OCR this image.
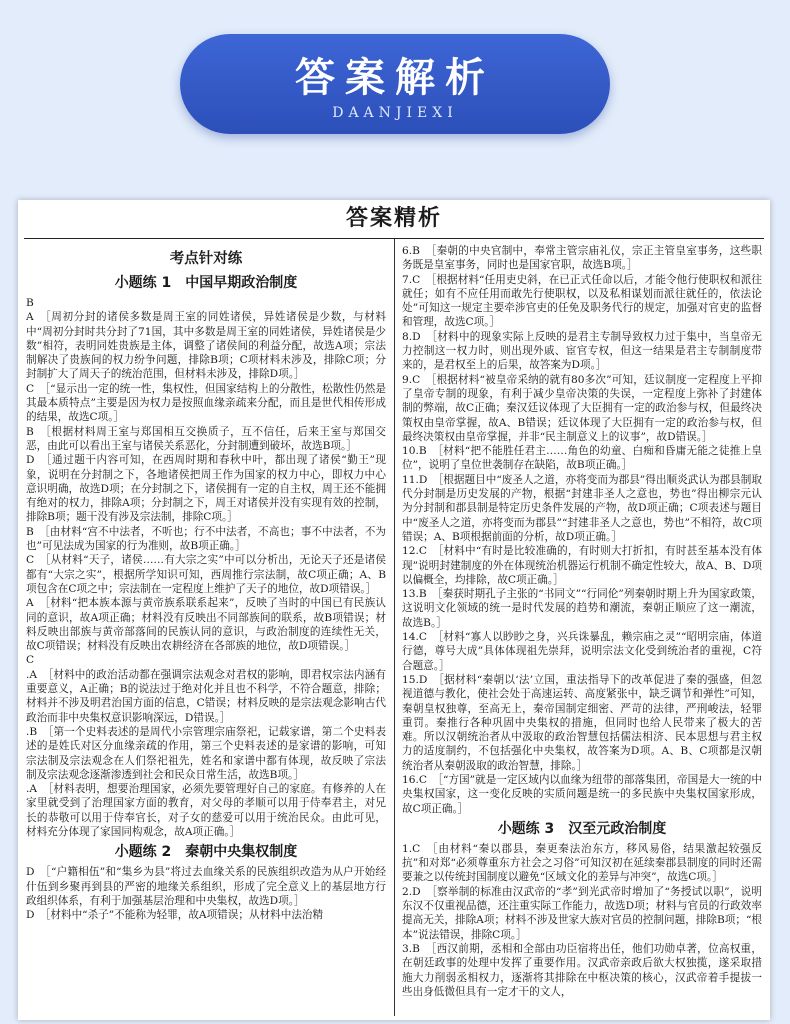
答案解析
DAANJIEXI
答案精析
考点针对练
小题练 1　中国早期政治制度

B

A　［周初分封的诸侯多数是周王室的同姓诸侯，异姓诸侯是少数，与材料中“周初分封时共分封了71国，其中多数是周王室的同姓诸侯，异姓诸侯是少数”相符，表明同姓贵族是主体，调整了诸侯间的利益分配，故选A项；宗法制解决了贵族间的权力纷争问题，排除B项；C项材料未涉及，排除C项；分封制扩大了周天子的统治范围，但材料未涉及，排除D项。］

C　［“显示出一定的统一性，集权性，但国家结构上的分散性，松散性仍然是其最本质特点”主要是因为权力是按照血缘亲疏来分配，而且是世代相传形成的结果，故选C项。］

B　［根据材料周王室与郑国相互交换质子，互不信任，后来王室与郑国交恶，由此可以看出王室与诸侯关系恶化，分封制遭到破坏，故选B项。］

D　［通过题干内容可知，在西周时期和春秋中叶，都出现了诸侯“勤王”现象，说明在分封制之下，各地诸侯把周王作为国家的权力中心，即权力中心意识明确，故选D项；在分封制之下，诸侯拥有一定的自主权，周王还不能拥有绝对的权力，排除A项；分封制之下，周王对诸侯并没有实现有效的控制，排除B项；题干没有涉及宗法制，排除C项。］

B　［由材料“宫不中法者，不听也；行不中法者，不高也；事不中法者，不为也”可见法成为国家的行为准则，故B项正确。］

C　［从材料“天子，诸侯……有大宗之实”中可以分析出，无论天子还是诸侯都有“大宗之实”，根据所学知识可知，西周推行宗法制，故C项正确；A、B项包含在C项之中；宗法制在一定程度上维护了天子的地位，故D项错误。］

A　［材料“把本族本源与黄帝族系联系起来”，反映了当时的中国已有民族认同的意识，故A项正确；材料没有反映出不同部族间的联系，故B项错误；材料反映出部族与黄帝部落间的民族认同的意识，与政治制度的连续性无关，故C项错误；材料没有反映出农耕经济在各部族的地位，故D项错误。］

C

.A　［材料中的政治活动都在强调宗法观念对君权的影响，即君权宗法内涵有重要意义，A正确；B的说法过于绝对化并且也不科学，不符合题意，排除；材料并不涉及明君治国方面的信息，C错误；材料反映的是宗法观念影响古代政治而非中央集权意识影响深远，D错误。］

.B　［第一个史料表述的是周代小宗管理宗庙祭祀，记载家谱，第二个史料表述的是姓氏对区分血缘亲疏的作用，第三个史料表述的是家谱的影响，可知宗法制及宗法观念在人们祭祀祖先，姓名和家谱中都有体现，故反映了宗法制及宗法观念逐渐渗透到社会和民众日常生活，故选B项。］

.A　［材料表明，想要治理国家，必须先要管理好自己的家庭。有修养的人在家里就受到了治理国家方面的教育，对父母的孝顺可以用于侍奉君主，对兄长的恭敬可以用于侍奉官长，对子女的慈爱可以用于统治民众。由此可见，材料充分体现了家国同构观念，故A项正确。］

小题练 2　秦朝中央集权制度

D　［“户籍相伍”和“集乡为县”将过去血缘关系的民族组织改造为从户开始经什伍到乡聚再到县的严密的地缘关系组织，形成了完全意义上的基层地方行政组织体系，有利于加强基层治理和中央集权，故选D项。］

D　［材料中“杀子”不能称为轻罪，故A项错误；从材料中法治精

6.B　［秦朝的中央官制中，奉常主管宗庙礼仪，宗正主管皇室事务，这些职务既是皇室事务，同时也是国家官职，故选B项。］

7.C　［根据材料“任用吏史斜，在已正式任命以后，才能令他行使职权和派往就任；如有不应任用而敢先行使职权，以及私相谋划而派往就任的，依法论处”可知这一规定主要牵涉官吏的任免及职务代行的规定，加强对官吏的监督和管理，故选C项。］

8.D　［材料中的现象实际上反映的是君主专制导致权力过于集中，当皇帝无力控制这一权力时，则出现外戚、宦官专权，但这一结果是君主专制制度带来的，是君权至上的后果，故答案为D项。］

9.C　［根据材料“被皇帝采纳的就有80多次”可知，廷议制度一定程度上平抑了皇帝专制的现象，有利于减少皇帝决策的失误，一定程度上弥补了封建体制的弊端，故C正确；秦汉廷议体现了大臣拥有一定的政治参与权，但最终决策权由皇帝掌握，故A、B错误；廷议体现了大臣拥有一定的政治参与权，但最终决策权由皇帝掌握，并非“民主制意义上的议事”，故D错误。］

10.B　［材料“把不能胜任君主……角色的幼童、白痴和昏庸无能之徒推上皇位”，说明了皇位世袭制存在缺陷，故B项正确。］

11.D　［根据题目中“废圣人之道，亦将变而为郡县”得出顺炎武认为郡县制取代分封制是历史发展的产物，根据“封建非圣人之意也，势也”得出柳宗元认为分封制和郡县制是特定历史条件发展的产物，故D项正确；C项表述与题目中“废圣人之道，亦将变而为郡县”“封建非圣人之意也，势也”不相符，故C项错误；A、B项根据前面的分析，故D项正确。］

12.C　［材料中“有时是比较准确的，有时则大打折扣，有时甚至基本没有体现”说明封建制度的外在体现统治机器运行机制不确定性较大，故A、B、D项以偏概全，均排除，故C项正确。］

13.B　［秦获时期孔子主张的“书同文”“行同伦”列秦朝时期上升为国家政策，这说明文化领域的统一是时代发展的趋势和潮流，秦朝正顺应了这一潮流，故选B。］

14.C　［材料“寡人以眇眇之身，兴兵诛暴乱，赖宗庙之灵”“昭明宗庙，体道行德，尊号大成”具体体现祖先崇拜，说明宗法文化受到统治者的重视，C符合题意。］

15.D　［据材料“秦朝以‘法’立国，重法指导下的改革促进了秦的强盛，但忽视道德与教化，使社会处于高速运转、高度紧张中，缺乏调节和弹性”可知，秦朝皇权独尊，至高无上，秦帝国制定细密、严苛的法律，严刑峻法，轻罪重罚。秦推行各种巩固中央集权的措施，但同时也给人民带来了极大的苦难。所以汉朝统治者从中汲取的政治智慧包括儒法相济、民本思想与君主权力的适度制约，不包括强化中央集权，故答案为D项。A、B、C项都是汉朝统治者从秦朝汲取的政治智慧，排除。］

16.C　［“方国”就是一定区域内以血缘为纽带的部落集团，帝国是大一统的中央集权国家，这一变化反映的实质问题是统一的多民族中央集权国家形成，故C项正确。］

小题练 3　汉至元政治制度

1.C　［由材料“秦以郡县，秦更秦法治东方，移风易俗，结果激起较强反抗”和对郑“必须尊重东方社会之习俗”可知汉初在延续秦郡县制度的同时还需要兼之以传统封国制度以避免“区域文化的差异与冲突”，故选C项。］

2.D　［察举制的标准由汉武帝的“孝”到光武帝时增加了“务授试以职”，说明东汉不仅重视品德，还注重实际工作能力，故选D项；材料与官员的行政效率提高无关，排除A项；材料不涉及世家大族对官员的控制问题，排除B项；“根本”说法错误，排除C项。］

3.B　［西汉前期，丞相和全部由功臣宿将出任，他们功勋卓著，位高权重，在朝廷政事的处理中发挥了重要作用。汉武帝亲政后欲大权独揽，遂采取措施大力削弱丞相权力，逐渐将其排除在中枢决策的核心，汉武帝着手提拔一些出身低微但具有一定才干的文人，
